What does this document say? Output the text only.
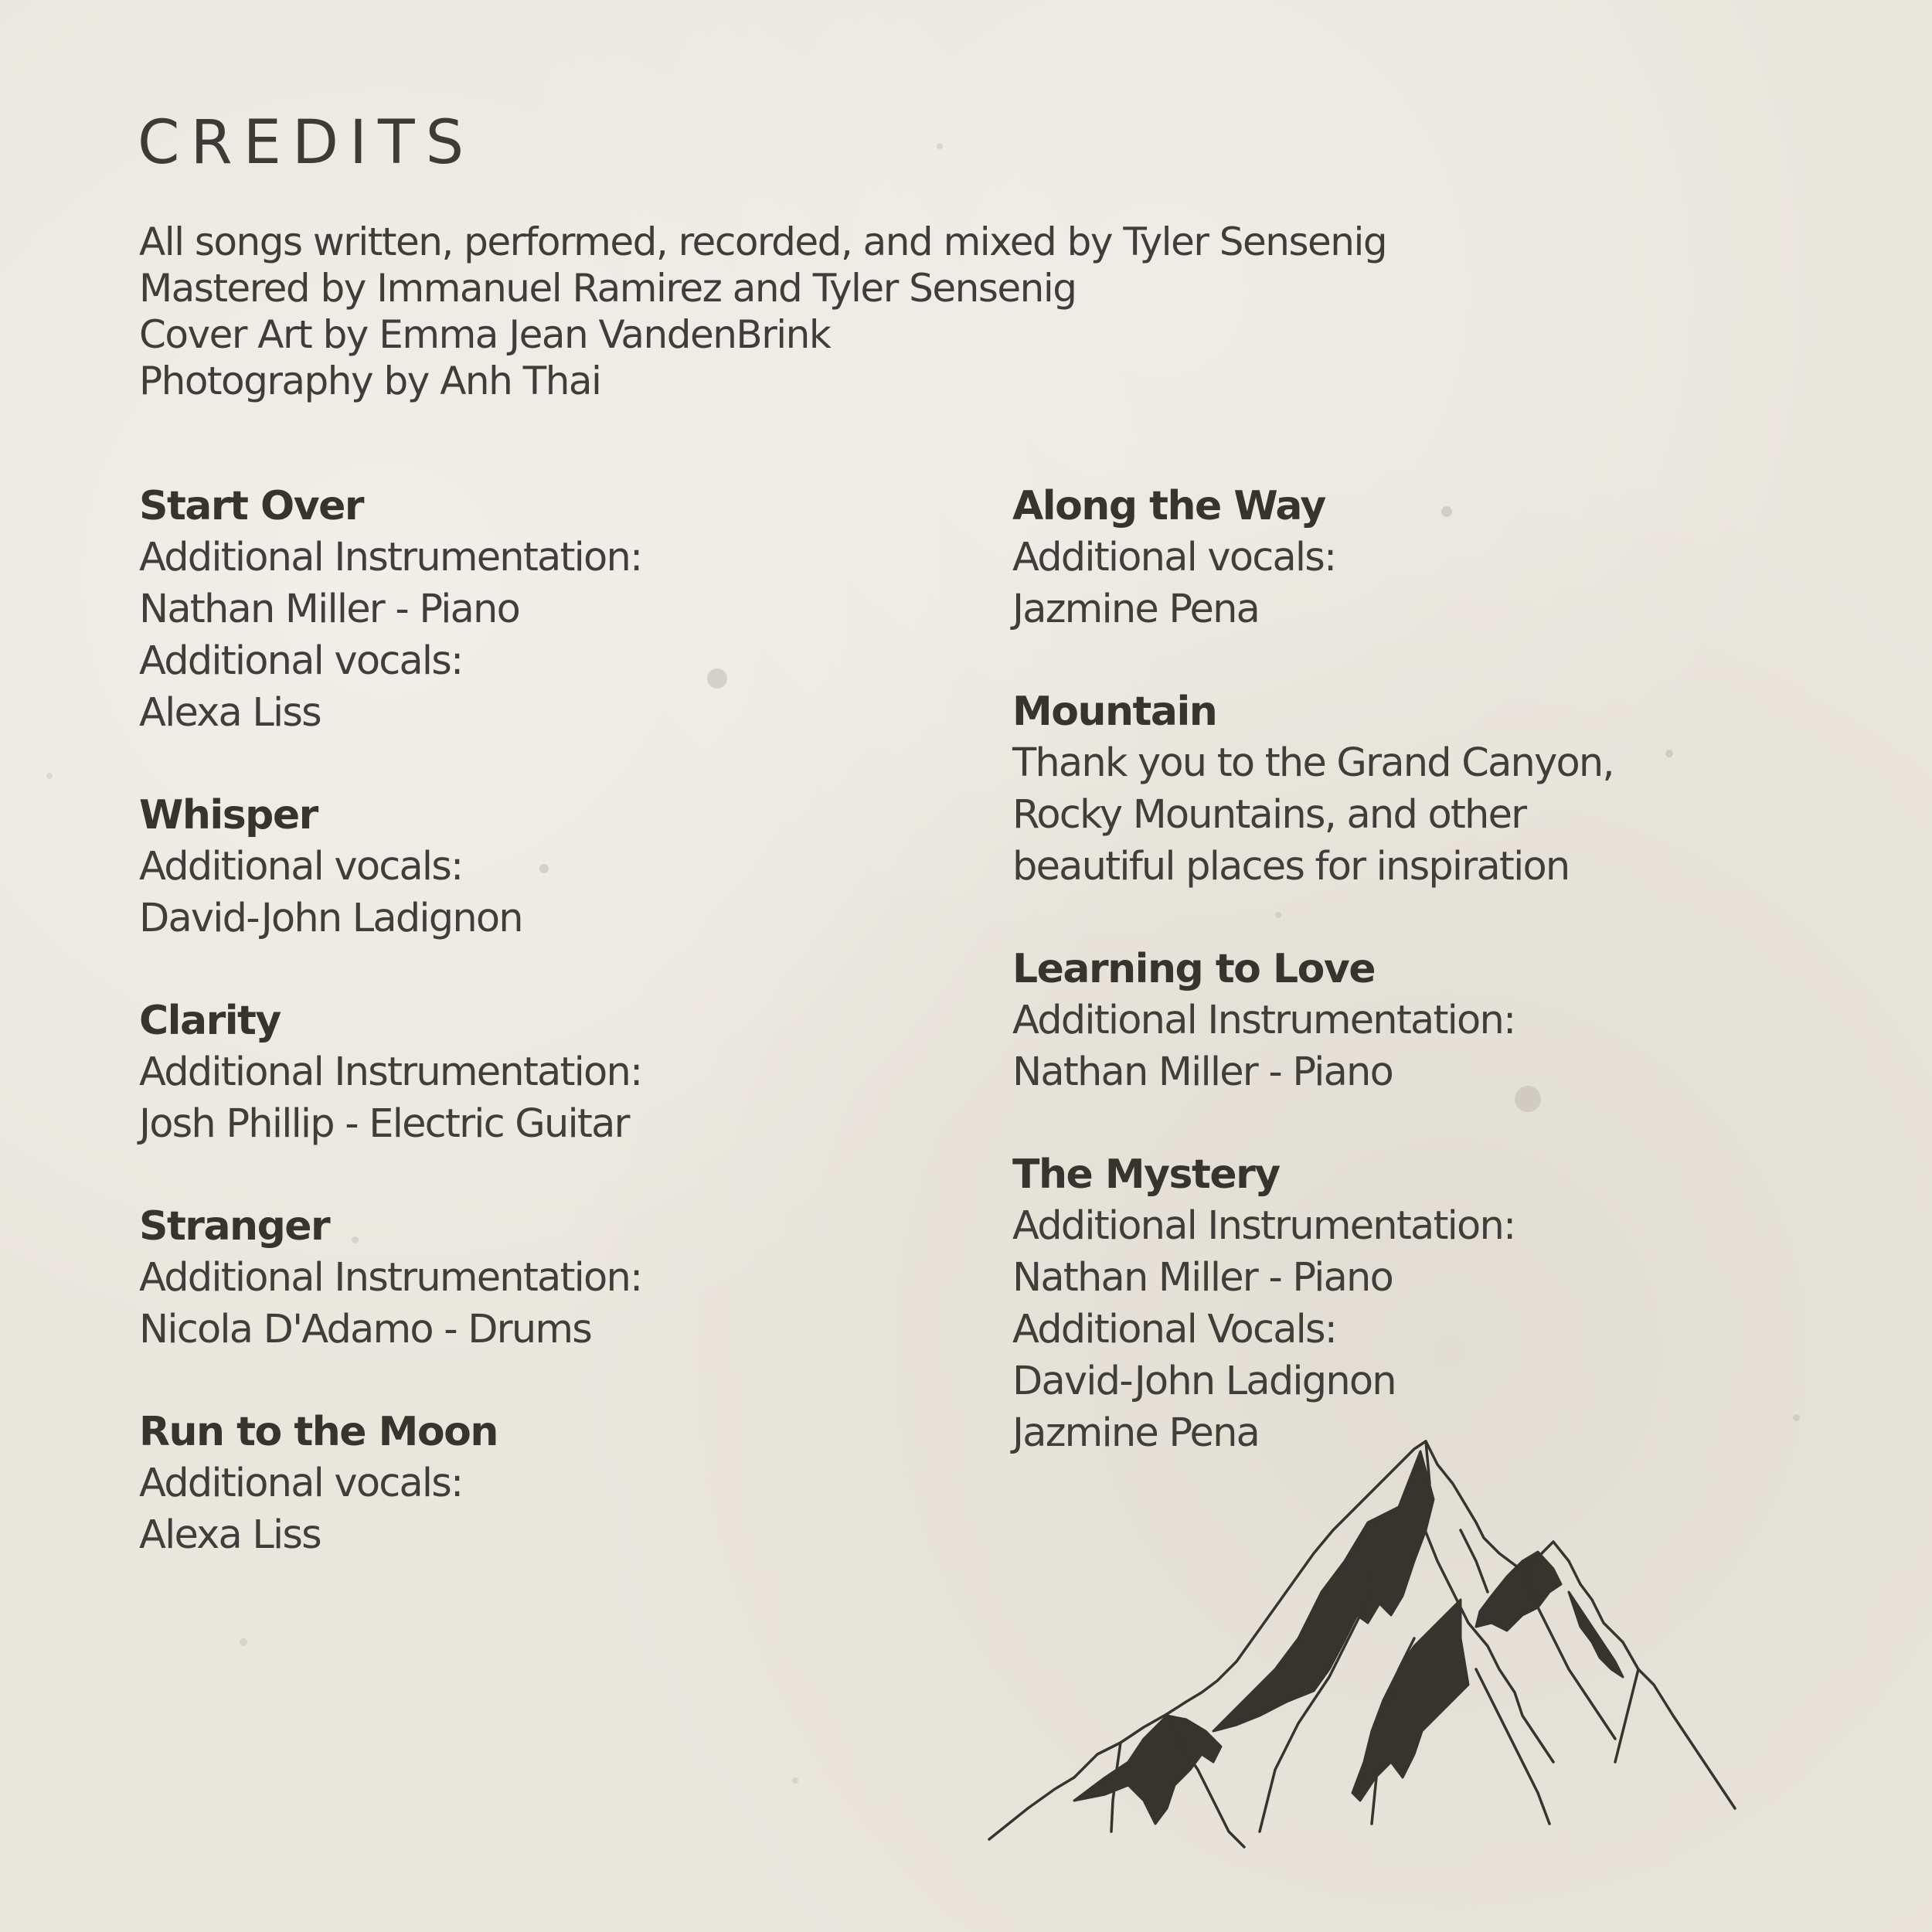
CREDITS
All songs written, performed, recorded, and mixed by Tyler Sensenig
Mastered by Immanuel Ramirez and Tyler Sensenig
Cover Art by Emma Jean VandenBrink
Photography by Anh Thai
Start Over
Additional Instrumentation:
Nathan Miller - Piano
Additional vocals:
Alexa Liss
Whisper
Additional vocals:
David-John Ladignon
Clarity
Additional Instrumentation:
Josh Phillip - Electric Guitar
Stranger
Additional Instrumentation:
Nicola D'Adamo - Drums
Run to the Moon
Additional vocals:
Alexa Liss
Along the Way
Additional vocals:
Jazmine Pena
Mountain
Thank you to the Grand Canyon,
Rocky Mountains, and other
beautiful places for inspiration
Learning to Love
Additional Instrumentation:
Nathan Miller - Piano
The Mystery
Additional Instrumentation:
Nathan Miller - Piano
Additional Vocals:
David-John Ladignon
Jazmine Pena
